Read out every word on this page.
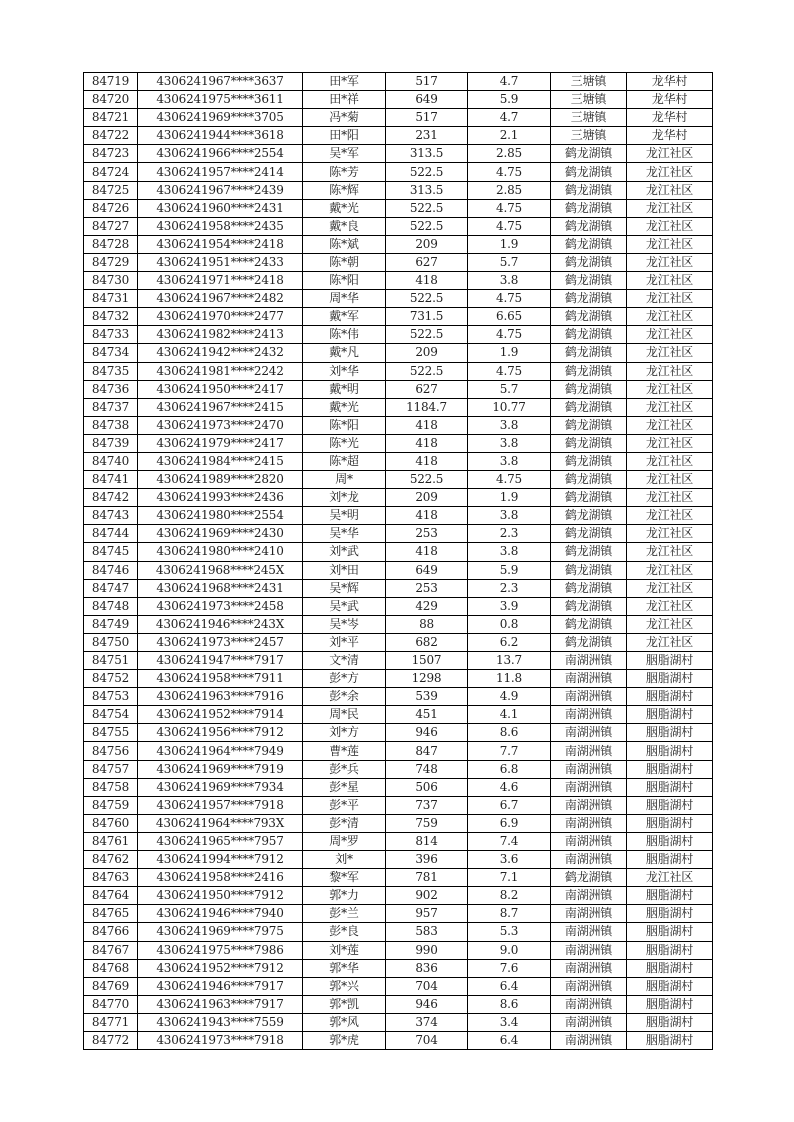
84719	4306241967****3637	田*军	517	4.7	三塘镇	龙华村
84720	4306241975****3611	田*祥	649	5.9	三塘镇	龙华村
84721	4306241969****3705	冯*菊	517	4.7	三塘镇	龙华村
84722	4306241944****3618	田*阳	231	2.1	三塘镇	龙华村
84723	4306241966****2554	吴*军	313.5	2.85	鹤龙湖镇	龙江社区
84724	4306241957****2414	陈*芳	522.5	4.75	鹤龙湖镇	龙江社区
84725	4306241967****2439	陈*辉	313.5	2.85	鹤龙湖镇	龙江社区
84726	4306241960****2431	戴*光	522.5	4.75	鹤龙湖镇	龙江社区
84727	4306241958****2435	戴*良	522.5	4.75	鹤龙湖镇	龙江社区
84728	4306241954****2418	陈*斌	209	1.9	鹤龙湖镇	龙江社区
84729	4306241951****2433	陈*朝	627	5.7	鹤龙湖镇	龙江社区
84730	4306241971****2418	陈*阳	418	3.8	鹤龙湖镇	龙江社区
84731	4306241967****2482	周*华	522.5	4.75	鹤龙湖镇	龙江社区
84732	4306241970****2477	戴*军	731.5	6.65	鹤龙湖镇	龙江社区
84733	4306241982****2413	陈*伟	522.5	4.75	鹤龙湖镇	龙江社区
84734	4306241942****2432	戴*凡	209	1.9	鹤龙湖镇	龙江社区
84735	4306241981****2242	刘*华	522.5	4.75	鹤龙湖镇	龙江社区
84736	4306241950****2417	戴*明	627	5.7	鹤龙湖镇	龙江社区
84737	4306241967****2415	戴*光	1184.7	10.77	鹤龙湖镇	龙江社区
84738	4306241973****2470	陈*阳	418	3.8	鹤龙湖镇	龙江社区
84739	4306241979****2417	陈*光	418	3.8	鹤龙湖镇	龙江社区
84740	4306241984****2415	陈*超	418	3.8	鹤龙湖镇	龙江社区
84741	4306241989****2820	周*	522.5	4.75	鹤龙湖镇	龙江社区
84742	4306241993****2436	刘*龙	209	1.9	鹤龙湖镇	龙江社区
84743	4306241980****2554	吴*明	418	3.8	鹤龙湖镇	龙江社区
84744	4306241969****2430	吴*华	253	2.3	鹤龙湖镇	龙江社区
84745	4306241980****2410	刘*武	418	3.8	鹤龙湖镇	龙江社区
84746	4306241968****245X	刘*田	649	5.9	鹤龙湖镇	龙江社区
84747	4306241968****2431	吴*辉	253	2.3	鹤龙湖镇	龙江社区
84748	4306241973****2458	吴*武	429	3.9	鹤龙湖镇	龙江社区
84749	4306241946****243X	吴*岑	88	0.8	鹤龙湖镇	龙江社区
84750	4306241973****2457	刘*平	682	6.2	鹤龙湖镇	龙江社区
84751	4306241947****7917	文*清	1507	13.7	南湖洲镇	胭脂湖村
84752	4306241958****7911	彭*方	1298	11.8	南湖洲镇	胭脂湖村
84753	4306241963****7916	彭*余	539	4.9	南湖洲镇	胭脂湖村
84754	4306241952****7914	周*民	451	4.1	南湖洲镇	胭脂湖村
84755	4306241956****7912	刘*方	946	8.6	南湖洲镇	胭脂湖村
84756	4306241964****7949	曹*莲	847	7.7	南湖洲镇	胭脂湖村
84757	4306241969****7919	彭*兵	748	6.8	南湖洲镇	胭脂湖村
84758	4306241969****7934	彭*星	506	4.6	南湖洲镇	胭脂湖村
84759	4306241957****7918	彭*平	737	6.7	南湖洲镇	胭脂湖村
84760	4306241964****793X	彭*清	759	6.9	南湖洲镇	胭脂湖村
84761	4306241965****7957	周*罗	814	7.4	南湖洲镇	胭脂湖村
84762	4306241994****7912	刘*	396	3.6	南湖洲镇	胭脂湖村
84763	4306241958****2416	黎*军	781	7.1	鹤龙湖镇	龙江社区
84764	4306241950****7912	郭*力	902	8.2	南湖洲镇	胭脂湖村
84765	4306241946****7940	彭*兰	957	8.7	南湖洲镇	胭脂湖村
84766	4306241969****7975	彭*良	583	5.3	南湖洲镇	胭脂湖村
84767	4306241975****7986	刘*莲	990	9.0	南湖洲镇	胭脂湖村
84768	4306241952****7912	郭*华	836	7.6	南湖洲镇	胭脂湖村
84769	4306241946****7917	郭*兴	704	6.4	南湖洲镇	胭脂湖村
84770	4306241963****7917	郭*凯	946	8.6	南湖洲镇	胭脂湖村
84771	4306241943****7559	郭*风	374	3.4	南湖洲镇	胭脂湖村
84772	4306241973****7918	郭*虎	704	6.4	南湖洲镇	胭脂湖村
